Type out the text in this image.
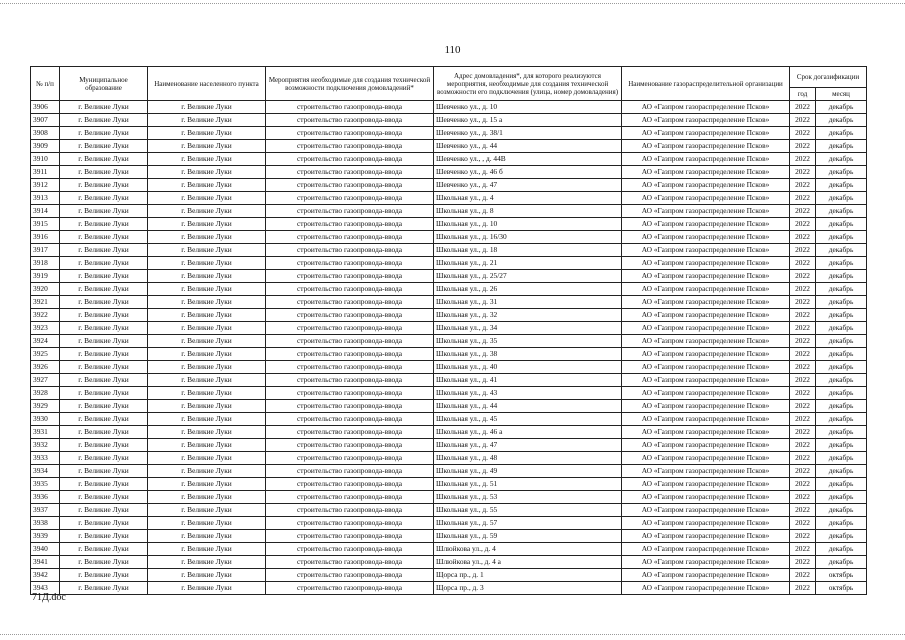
110
№ п/п	Муниципальное образование	Наименование населенного пункта	Мероприятия необходимые для создания технической возможности подключения домовладений*	Адрес домовладения*, для которого реализуются мероприятия, необходимые для создания технической возможности его подключения (улица, номер домовладения)	Наименование газораспределительной организации	Срок догазификации	
						год	месяц
3906	г. Великие Луки	г. Великие Луки	строительство газопровода-ввода	Шевченко ул., д. 10	АО «Газпром газораспределение Псков»	2022	декабрь
3907	г. Великие Луки	г. Великие Луки	строительство газопровода-ввода	Шевченко ул., д. 15 а	АО «Газпром газораспределение Псков»	2022	декабрь
3908	г. Великие Луки	г. Великие Луки	строительство газопровода-ввода	Шевченко ул., д. 38/1	АО «Газпром газораспределение Псков»	2022	декабрь
3909	г. Великие Луки	г. Великие Луки	строительство газопровода-ввода	Шевченко ул., д. 44	АО «Газпром газораспределение Псков»	2022	декабрь
3910	г. Великие Луки	г. Великие Луки	строительство газопровода-ввода	Шевченко ул., , д. 44В	АО «Газпром газораспределение Псков»	2022	декабрь
3911	г. Великие Луки	г. Великие Луки	строительство газопровода-ввода	Шевченко ул., д. 46 б	АО «Газпром газораспределение Псков»	2022	декабрь
3912	г. Великие Луки	г. Великие Луки	строительство газопровода-ввода	Шевченко ул., д. 47	АО «Газпром газораспределение Псков»	2022	декабрь
3913	г. Великие Луки	г. Великие Луки	строительство газопровода-ввода	Школьная ул., д. 4	АО «Газпром газораспределение Псков»	2022	декабрь
3914	г. Великие Луки	г. Великие Луки	строительство газопровода-ввода	Школьная ул., д. 8	АО «Газпром газораспределение Псков»	2022	декабрь
3915	г. Великие Луки	г. Великие Луки	строительство газопровода-ввода	Школьная ул., д. 10	АО «Газпром газораспределение Псков»	2022	декабрь
3916	г. Великие Луки	г. Великие Луки	строительство газопровода-ввода	Школьная ул., д. 16/30	АО «Газпром газораспределение Псков»	2022	декабрь
3917	г. Великие Луки	г. Великие Луки	строительство газопровода-ввода	Школьная ул., д. 18	АО «Газпром газораспределение Псков»	2022	декабрь
3918	г. Великие Луки	г. Великие Луки	строительство газопровода-ввода	Школьная ул., д. 21	АО «Газпром газораспределение Псков»	2022	декабрь
3919	г. Великие Луки	г. Великие Луки	строительство газопровода-ввода	Школьная ул., д. 25/27	АО «Газпром газораспределение Псков»	2022	декабрь
3920	г. Великие Луки	г. Великие Луки	строительство газопровода-ввода	Школьная ул., д. 26	АО «Газпром газораспределение Псков»	2022	декабрь
3921	г. Великие Луки	г. Великие Луки	строительство газопровода-ввода	Школьная ул., д. 31	АО «Газпром газораспределение Псков»	2022	декабрь
3922	г. Великие Луки	г. Великие Луки	строительство газопровода-ввода	Школьная ул., д. 32	АО «Газпром газораспределение Псков»	2022	декабрь
3923	г. Великие Луки	г. Великие Луки	строительство газопровода-ввода	Школьная ул., д. 34	АО «Газпром газораспределение Псков»	2022	декабрь
3924	г. Великие Луки	г. Великие Луки	строительство газопровода-ввода	Школьная ул., д. 35	АО «Газпром газораспределение Псков»	2022	декабрь
3925	г. Великие Луки	г. Великие Луки	строительство газопровода-ввода	Школьная ул., д. 38	АО «Газпром газораспределение Псков»	2022	декабрь
3926	г. Великие Луки	г. Великие Луки	строительство газопровода-ввода	Школьная ул., д. 40	АО «Газпром газораспределение Псков»	2022	декабрь
3927	г. Великие Луки	г. Великие Луки	строительство газопровода-ввода	Школьная ул., д. 41	АО «Газпром газораспределение Псков»	2022	декабрь
3928	г. Великие Луки	г. Великие Луки	строительство газопровода-ввода	Школьная ул., д. 43	АО «Газпром газораспределение Псков»	2022	декабрь
3929	г. Великие Луки	г. Великие Луки	строительство газопровода-ввода	Школьная ул., д. 44	АО «Газпром газораспределение Псков»	2022	декабрь
3930	г. Великие Луки	г. Великие Луки	строительство газопровода-ввода	Школьная ул., д. 45	АО «Газпром газораспределение Псков»	2022	декабрь
3931	г. Великие Луки	г. Великие Луки	строительство газопровода-ввода	Школьная ул., д. 46 а	АО «Газпром газораспределение Псков»	2022	декабрь
3932	г. Великие Луки	г. Великие Луки	строительство газопровода-ввода	Школьная ул., д. 47	АО «Газпром газораспределение Псков»	2022	декабрь
3933	г. Великие Луки	г. Великие Луки	строительство газопровода-ввода	Школьная ул., д. 48	АО «Газпром газораспределение Псков»	2022	декабрь
3934	г. Великие Луки	г. Великие Луки	строительство газопровода-ввода	Школьная ул., д. 49	АО «Газпром газораспределение Псков»	2022	декабрь
3935	г. Великие Луки	г. Великие Луки	строительство газопровода-ввода	Школьная ул., д. 51	АО «Газпром газораспределение Псков»	2022	декабрь
3936	г. Великие Луки	г. Великие Луки	строительство газопровода-ввода	Школьная ул., д. 53	АО «Газпром газораспределение Псков»	2022	декабрь
3937	г. Великие Луки	г. Великие Луки	строительство газопровода-ввода	Школьная ул., д. 55	АО «Газпром газораспределение Псков»	2022	декабрь
3938	г. Великие Луки	г. Великие Луки	строительство газопровода-ввода	Школьная ул., д. 57	АО «Газпром газораспределение Псков»	2022	декабрь
3939	г. Великие Луки	г. Великие Луки	строительство газопровода-ввода	Школьная ул., д. 59	АО «Газпром газораспределение Псков»	2022	декабрь
3940	г. Великие Луки	г. Великие Луки	строительство газопровода-ввода	Шлюйкова ул., д. 4	АО «Газпром газораспределение Псков»	2022	декабрь
3941	г. Великие Луки	г. Великие Луки	строительство газопровода-ввода	Шлюйкова ул., д. 4 а	АО «Газпром газораспределение Псков»	2022	декабрь
3942	г. Великие Луки	г. Великие Луки	строительство газопровода-ввода	Щорса пр., д. 1	АО «Газпром газораспределение Псков»	2022	октябрь
3943	г. Великие Луки	г. Великие Луки	строительство газопровода-ввода	Щорса пр., д. 3	АО «Газпром газораспределение Псков»	2022	октябрь
71Д.doc
